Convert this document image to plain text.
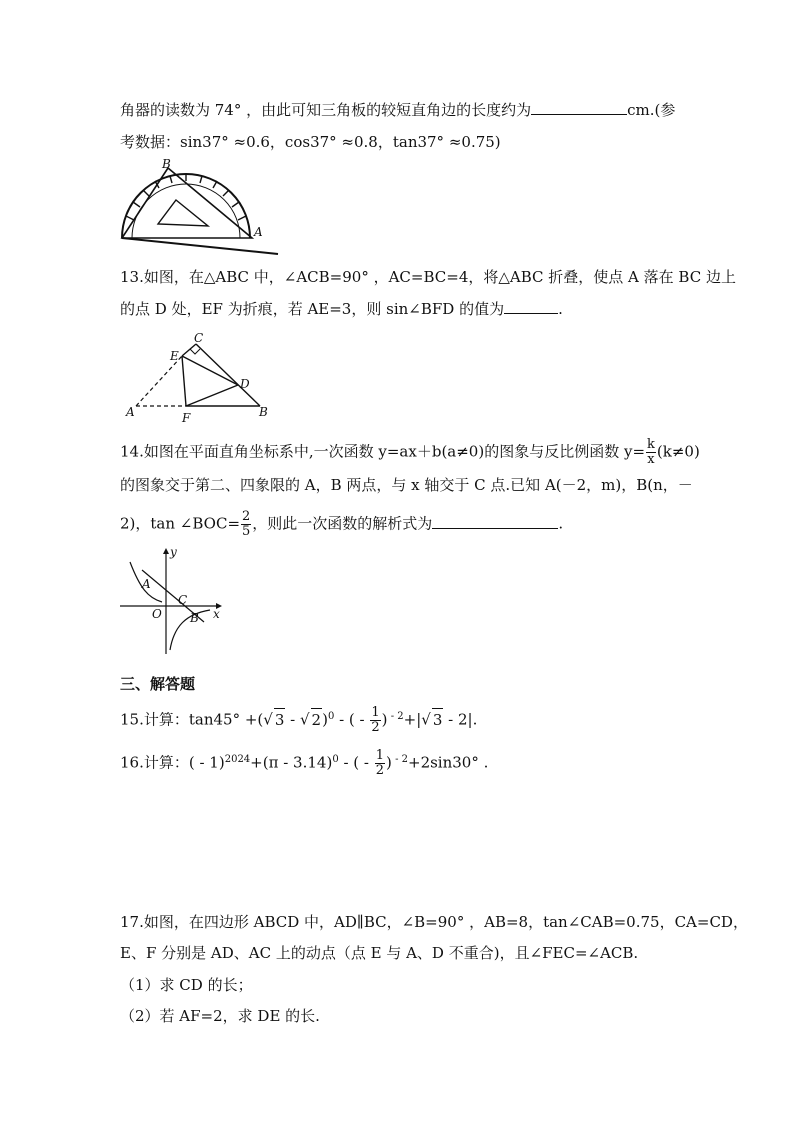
角器的读数为 74° ，由此可知三角板的较短直角边的长度约为	cm.(参
考数据：sin37° ≈0.6，cos37° ≈0.8，tan37° ≈0.75)
B
A
13.如图，在△ABC 中，∠ACB=90° ，AC=BC=4，将△ABC 折叠，使点 A 落在 BC 边上
的点 D 处，EF 为折痕，若 AE=3，则 sin∠BFD 的值为	.
C
E
D
A	F	B
14.如图在平面直角坐标系中,一次函数 y=ax＋b(a≠0)的图象与反比例函数 $y= \frac{k}{x} (k\ne 0)$
的图象交于第二、四象限的 A，B 两点，与 x 轴交于 C 点.已知 A(－2，m)，B(n，－
2)，tan ∠BOC= $\frac{2}{5}$ ，则此一次函数的解析式为	.
y
x
A
C
O B
三、解答题
15.计算：tan45° +(√ 3 - √ 2)$^0$ - ( - $\frac{1}{2}$ ) $^{- 2}$+|√ 3 - 2|.
16.计算：( - 1)$^{2024}$+(π - 3.14)$^0$ - ( - $\frac{1}{2}$ ) $^{- 2}$+2sin30° .
17.如图，在四边形 ABCD 中，AD∥BC，∠B=90° ，AB=8，tan∠CAB=0.75，CA=CD，
E、F 分别是 AD、AC 上的动点（点 E 与 A、D 不重合)，且∠FEC=∠ACB.
（1）求 CD 的长；
（2）若 AF=2，求 DE 的长.
